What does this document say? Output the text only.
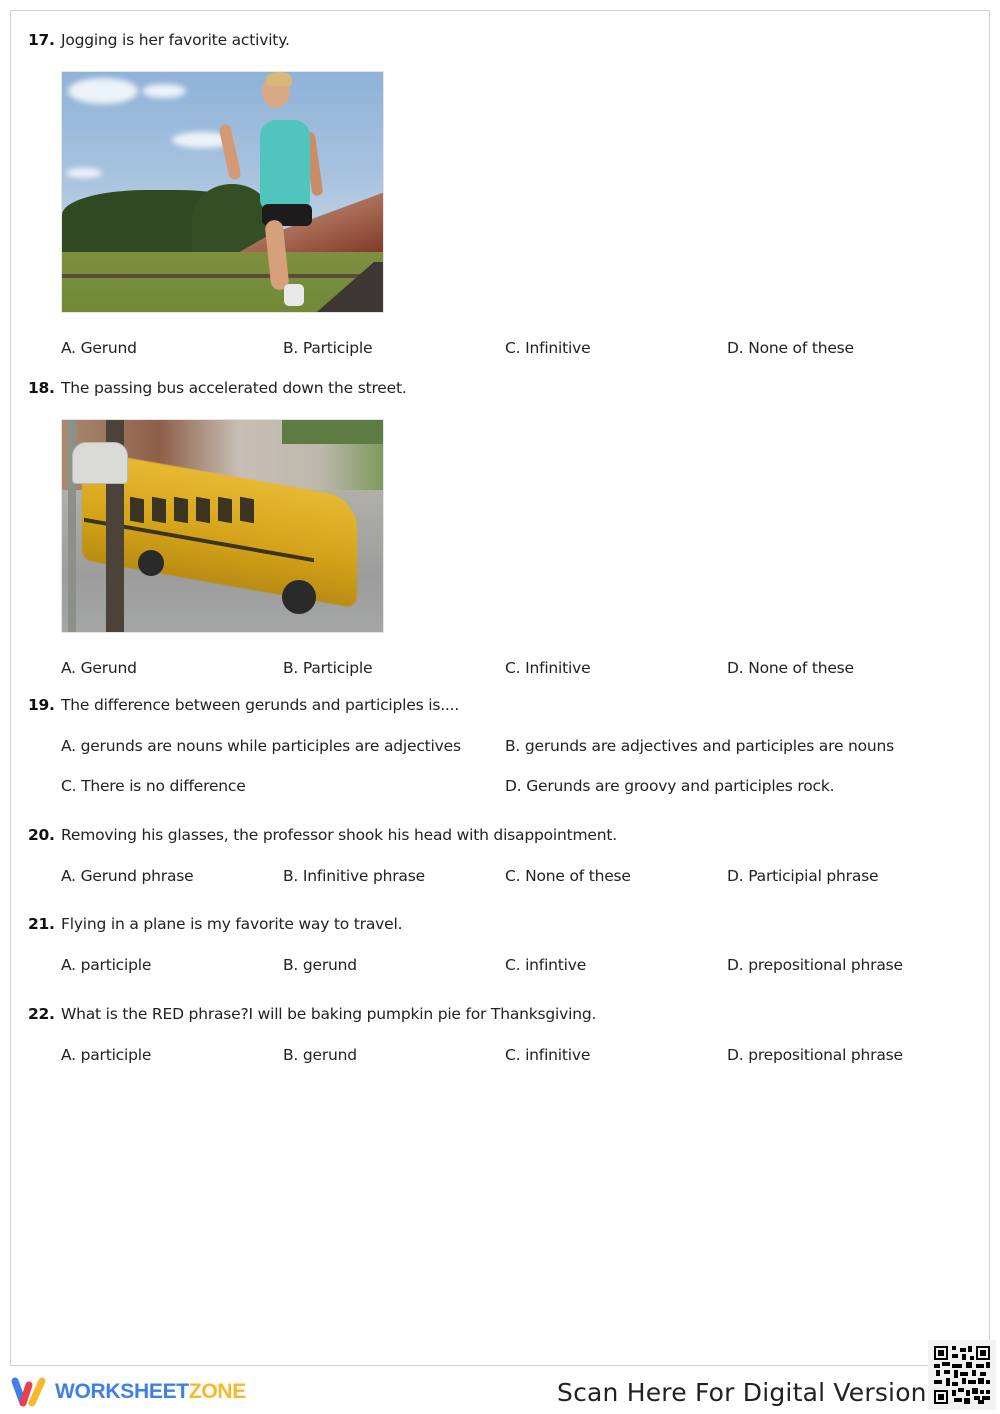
17. Jogging is her favorite activity.
A. Gerund	B. Participle	C. Infinitive	D. None of these
18. The passing bus accelerated down the street.
A. Gerund	B. Participle	C. Infinitive	D. None of these
19. The difference between gerunds and participles is....
A. gerunds are nouns while participles are adjectives	B. gerunds are adjectives and participles are nouns
C. There is no difference	D. Gerunds are groovy and participles rock.
20. Removing his glasses, the professor shook his head with disappointment.
A. Gerund phrase	B. Infinitive phrase	C. None of these	D. Participial phrase
21. Flying in a plane is my favorite way to travel.
A. participle	B. gerund	C. infintive	D. prepositional phrase
22. What is the RED phrase?I will be baking pumpkin pie for Thanksgiving.
A. participle	B. gerund	C. infinitive	D. prepositional phrase
WORKSHEETZONE	Scan Here For Digital Version
